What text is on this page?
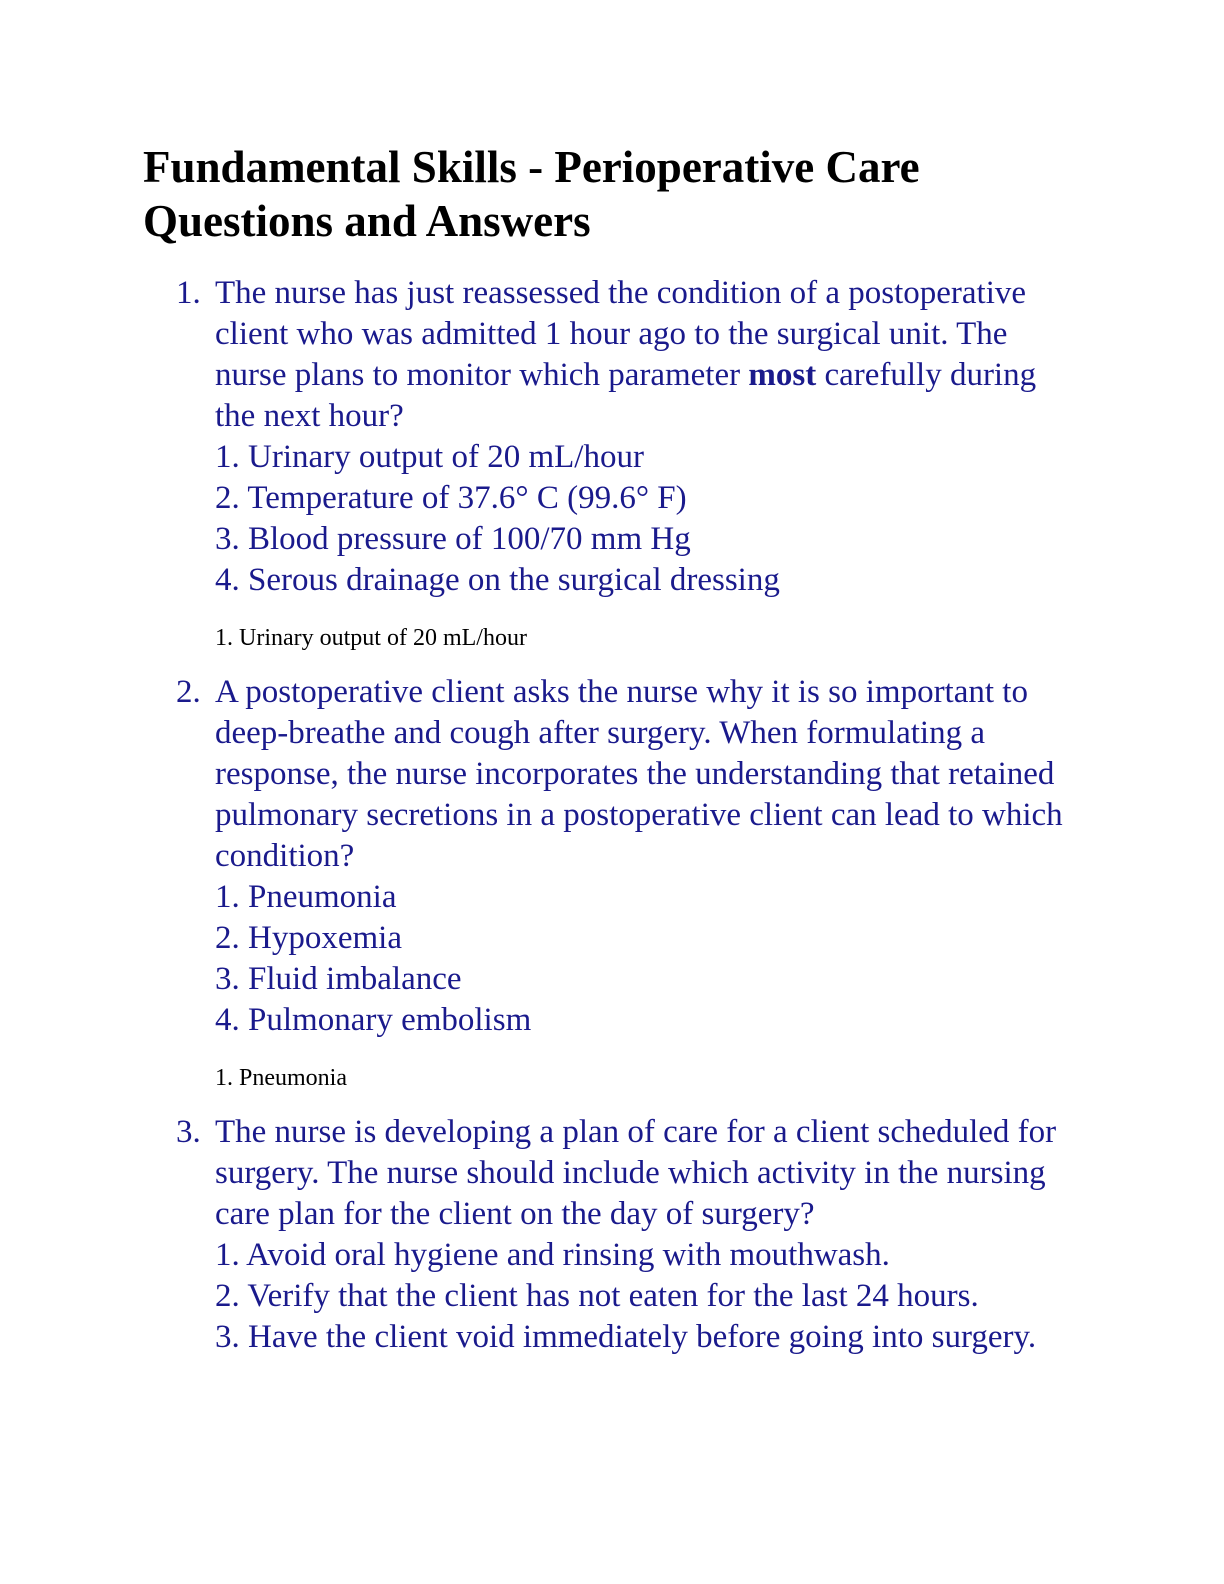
Fundamental Skills - Perioperative Care
Questions and Answers
1. The nurse has just reassessed the condition of a postoperative client who was admitted 1 hour ago to the surgical unit. The nurse plans to monitor which parameter most carefully during the next hour?
1. Urinary output of 20 mL/hour
2. Temperature of 37.6° C (99.6° F)
3. Blood pressure of 100/70 mm Hg
4. Serous drainage on the surgical dressing
1. Urinary output of 20 mL/hour
2. A postoperative client asks the nurse why it is so important to deep-breathe and cough after surgery. When formulating a response, the nurse incorporates the understanding that retained pulmonary secretions in a postoperative client can lead to which condition?
1. Pneumonia
2. Hypoxemia
3. Fluid imbalance
4. Pulmonary embolism
1. Pneumonia
3. The nurse is developing a plan of care for a client scheduled for surgery. The nurse should include which activity in the nursing care plan for the client on the day of surgery?
1. Avoid oral hygiene and rinsing with mouthwash.
2. Verify that the client has not eaten for the last 24 hours.
3. Have the client void immediately before going into surgery.
